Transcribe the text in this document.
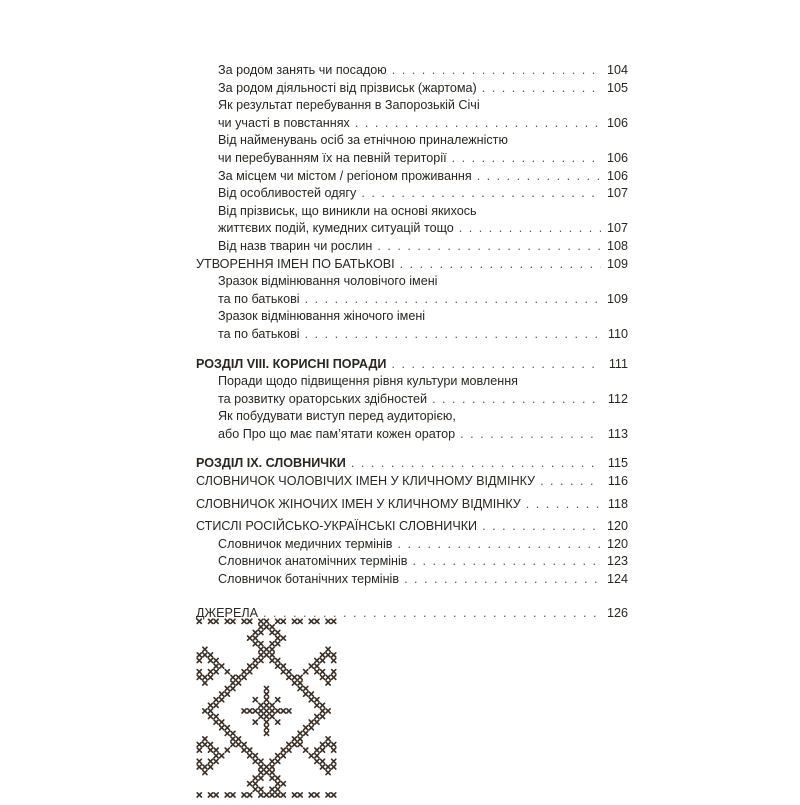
За родом занять чи посадою . . .	104
За родом діяльності від прізвиськ (жартома) . . .	105
Як результат перебування в Запорозькій Січі
чи участі в повстаннях . . .	106
Від найменувань осіб за етнічною приналежністю
чи перебуванням їх на певній території . . .	106
За місцем чи містом / регіоном проживання . . .	106
Від особливостей одягу . . .	107
Від прізвиськ, що виникли на основі якихось
життєвих подій, кумедних ситуацій тощо . . .	107
Від назв тварин чи рослин . . .	108
УТВОРЕННЯ ІМЕН ПО БАТЬКОВІ . . .	109
Зразок відмінювання чоловічого імені
та по батькові . . .	109
Зразок відмінювання жіночого імені
та по батькові . . .	110
РОЗДІЛ VIII. КОРИСНІ ПОРАДИ . . .	111
Поради щодо підвищення рівня культури мовлення
та розвитку ораторських здібностей . . .	112
Як побудувати виступ перед аудиторією,
або Про що має пам’ятати кожен оратор . . .	113
РОЗДІЛ IX. СЛОВНИЧКИ . . .	115
СЛОВНИЧОК ЧОЛОВІЧИХ ІМЕН У КЛИЧНОМУ ВІДМІНКУ . . .	116
СЛОВНИЧОК ЖІНОЧИХ ІМЕН У КЛИЧНОМУ ВІДМІНКУ . . .	118
СТИСЛІ РОСІЙСЬКО-УКРАЇНСЬКІ СЛОВНИЧКИ . . .	120
Словничок медичних термінів . . .	120
Словничок анатомічних термінів . . .	123
Словничок ботанічних термінів . . .	124
ДЖЕРЕЛА . . .	126
